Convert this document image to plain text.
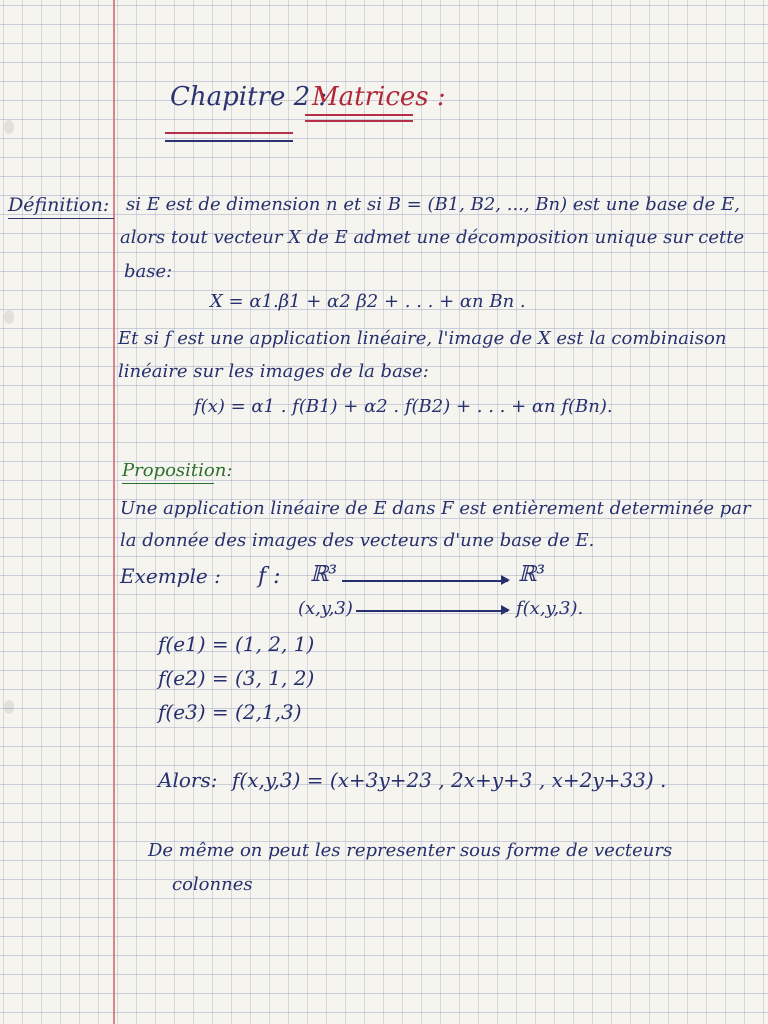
Chapitre 2 :
Matrices :
Définition: si E est de dimension n et si B = (B1, B2, ..., Bn) est une base de E,
alors tout vecteur X de E admet une décomposition unique sur cette
base:
X = α1.β1 + α2 β2 + . . . + αn Bn .
Et si f est une application linéaire, l'image de X est la combinaison
linéaire sur les images de la base:
f(x) = α1 . f(B1) + α2 . f(B2) + . . . + αn f(Bn).
Proposition:
Une application linéaire de E dans F est entièrement determinée par
la donnée des images des vecteurs d'une base de E.
Exemple : f : ℝ³	ℝ³
(x,y,3)	f(x,y,3).
f(e1) = (1, 2, 1)
f(e2) = (3, 1, 2)
f(e3) = (2,1,3)
Alors: f(x,y,3) = (x+3y+23 , 2x+y+3 , x+2y+33) .
De même on peut les representer sous forme de vecteurs
colonnes
